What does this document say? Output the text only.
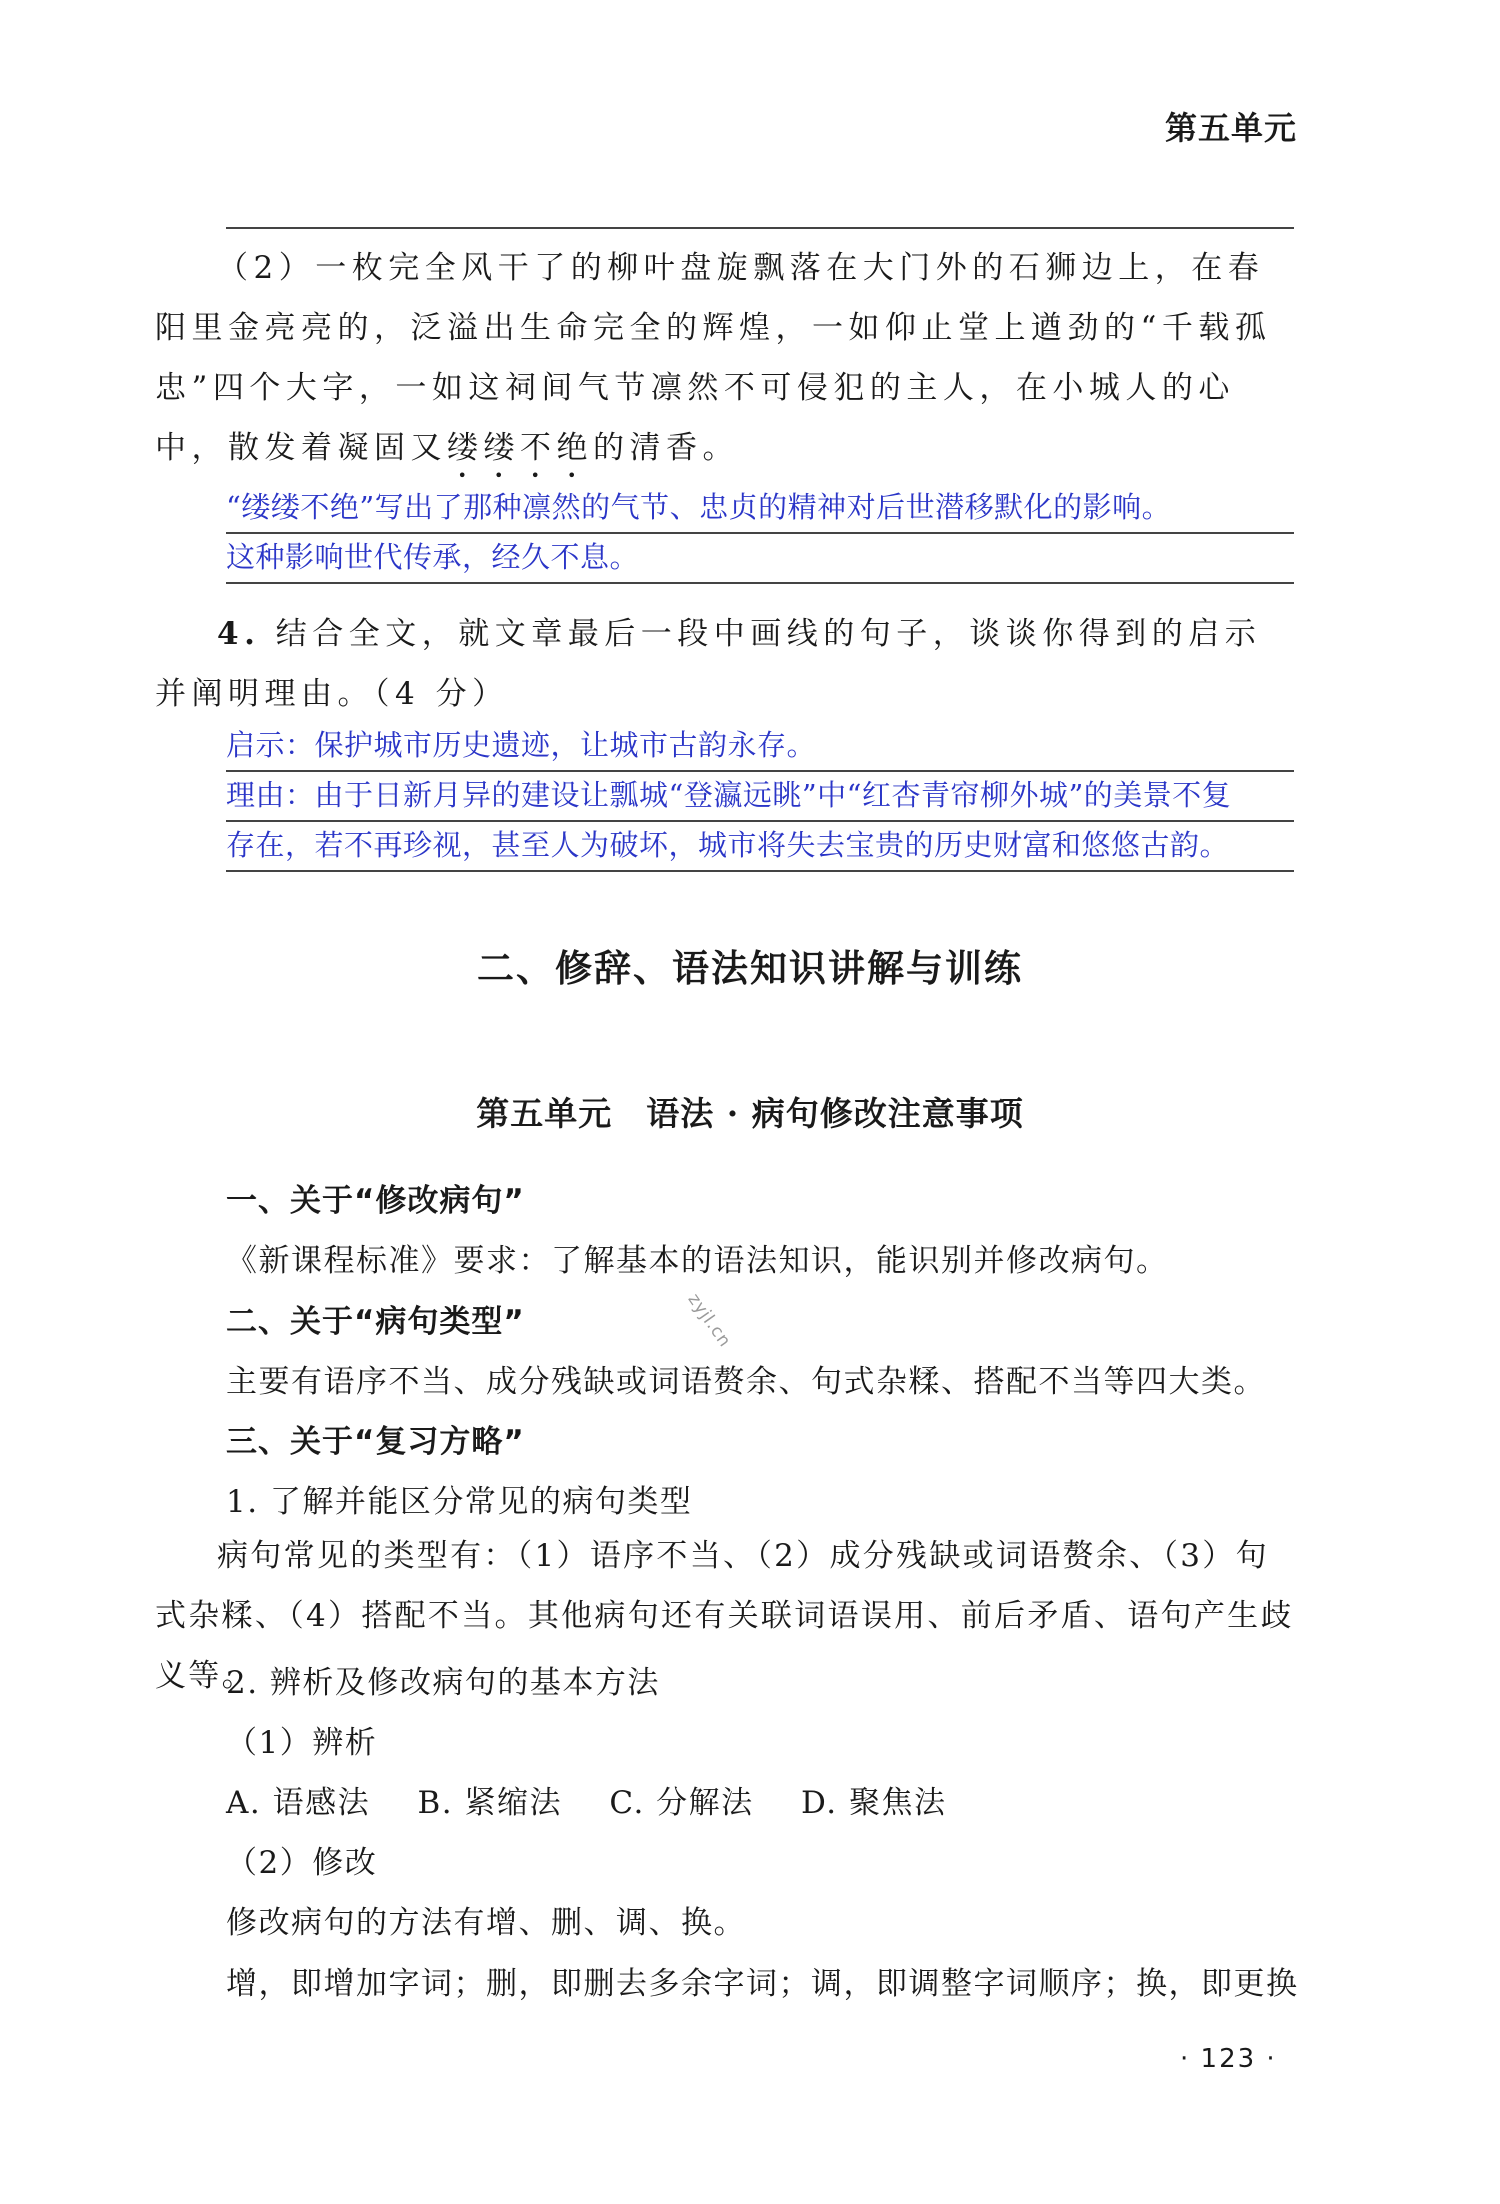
第五单元
（2）一枚完全风干了的柳叶盘旋飘落在大门外的石狮边上，在春阳里金亮亮的，泛溢出生命完全的辉煌，一如仰止堂上遒劲的“千载孤忠”四个大字，一如这祠间气节凛然不可侵犯的主人，在小城人的心中，散发着凝固又缕缕不绝的清香。
“缕缕不绝”写出了那种凛然的气节、忠贞的精神对后世潜移默化的影响。
这种影响世代传承，经久不息。
4. 结合全文，就文章最后一段中画线的句子，谈谈你得到的启示并阐明理由。（4 分）
启示：保护城市历史遗迹，让城市古韵永存。
理由：由于日新月异的建设让瓢城“登瀛远眺”中“红杏青帘柳外城”的美景不复
存在，若不再珍视，甚至人为破坏，城市将失去宝贵的历史财富和悠悠古韵。
二、修辞、语法知识讲解与训练
第五单元　语法 · 病句修改注意事项
一、关于“修改病句”
《新课程标准》要求：了解基本的语法知识，能识别并修改病句。
二、关于“病句类型”
主要有语序不当、成分残缺或词语赘余、句式杂糅、搭配不当等四大类。
三、关于“复习方略”
1. 了解并能区分常见的病句类型
病句常见的类型有：（1）语序不当、（2）成分残缺或词语赘余、（3）句式杂糅、（4）搭配不当。其他病句还有关联词语误用、前后矛盾、语句产生歧义等。
2. 辨析及修改病句的基本方法
（1）辨析
A. 语感法 B. 紧缩法 C. 分解法 D. 聚焦法
（2）修改
修改病句的方法有增、删、调、换。
增，即增加字词；删，即删去多余字词；调，即调整字词顺序；换，即更换
zyjl.cn
· 123 ·
